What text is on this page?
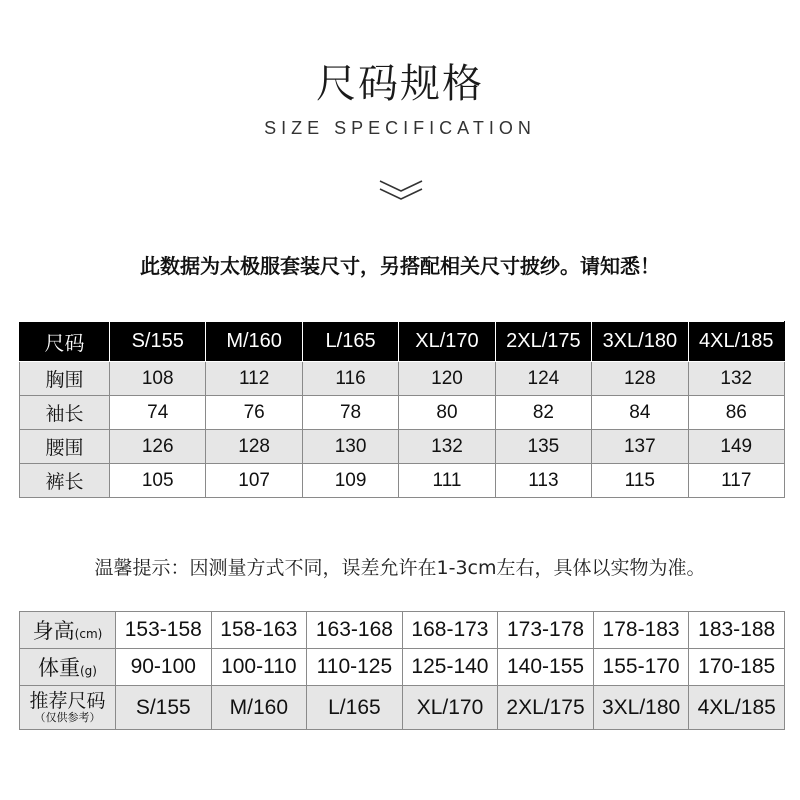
尺码规格
SIZE SPECIFICATION
此数据为太极服套装尺寸，另搭配相关尺寸披纱。请知悉！
尺码	S/155	M/160	L/165	XL/170	2XL/175	3XL/180	4XL/185
胸围	108	112	116	120	124	128	132
袖长	74	76	78	80	82	84	86
腰围	126	128	130	132	135	137	149
裤长	105	107	109	111	113	115	117
温馨提示：因测量方式不同，误差允许在1-3cm左右，具体以实物为准。
身高(cm)	153-158	158-163	163-168	168-173	173-178	178-183	183-188
体重(g)	90-100	100-110	110-125	125-140	140-155	155-170	170-185

推荐尺码
（仅供参考）	S/155	M/160	L/165	XL/170	2XL/175	3XL/180	4XL/185
